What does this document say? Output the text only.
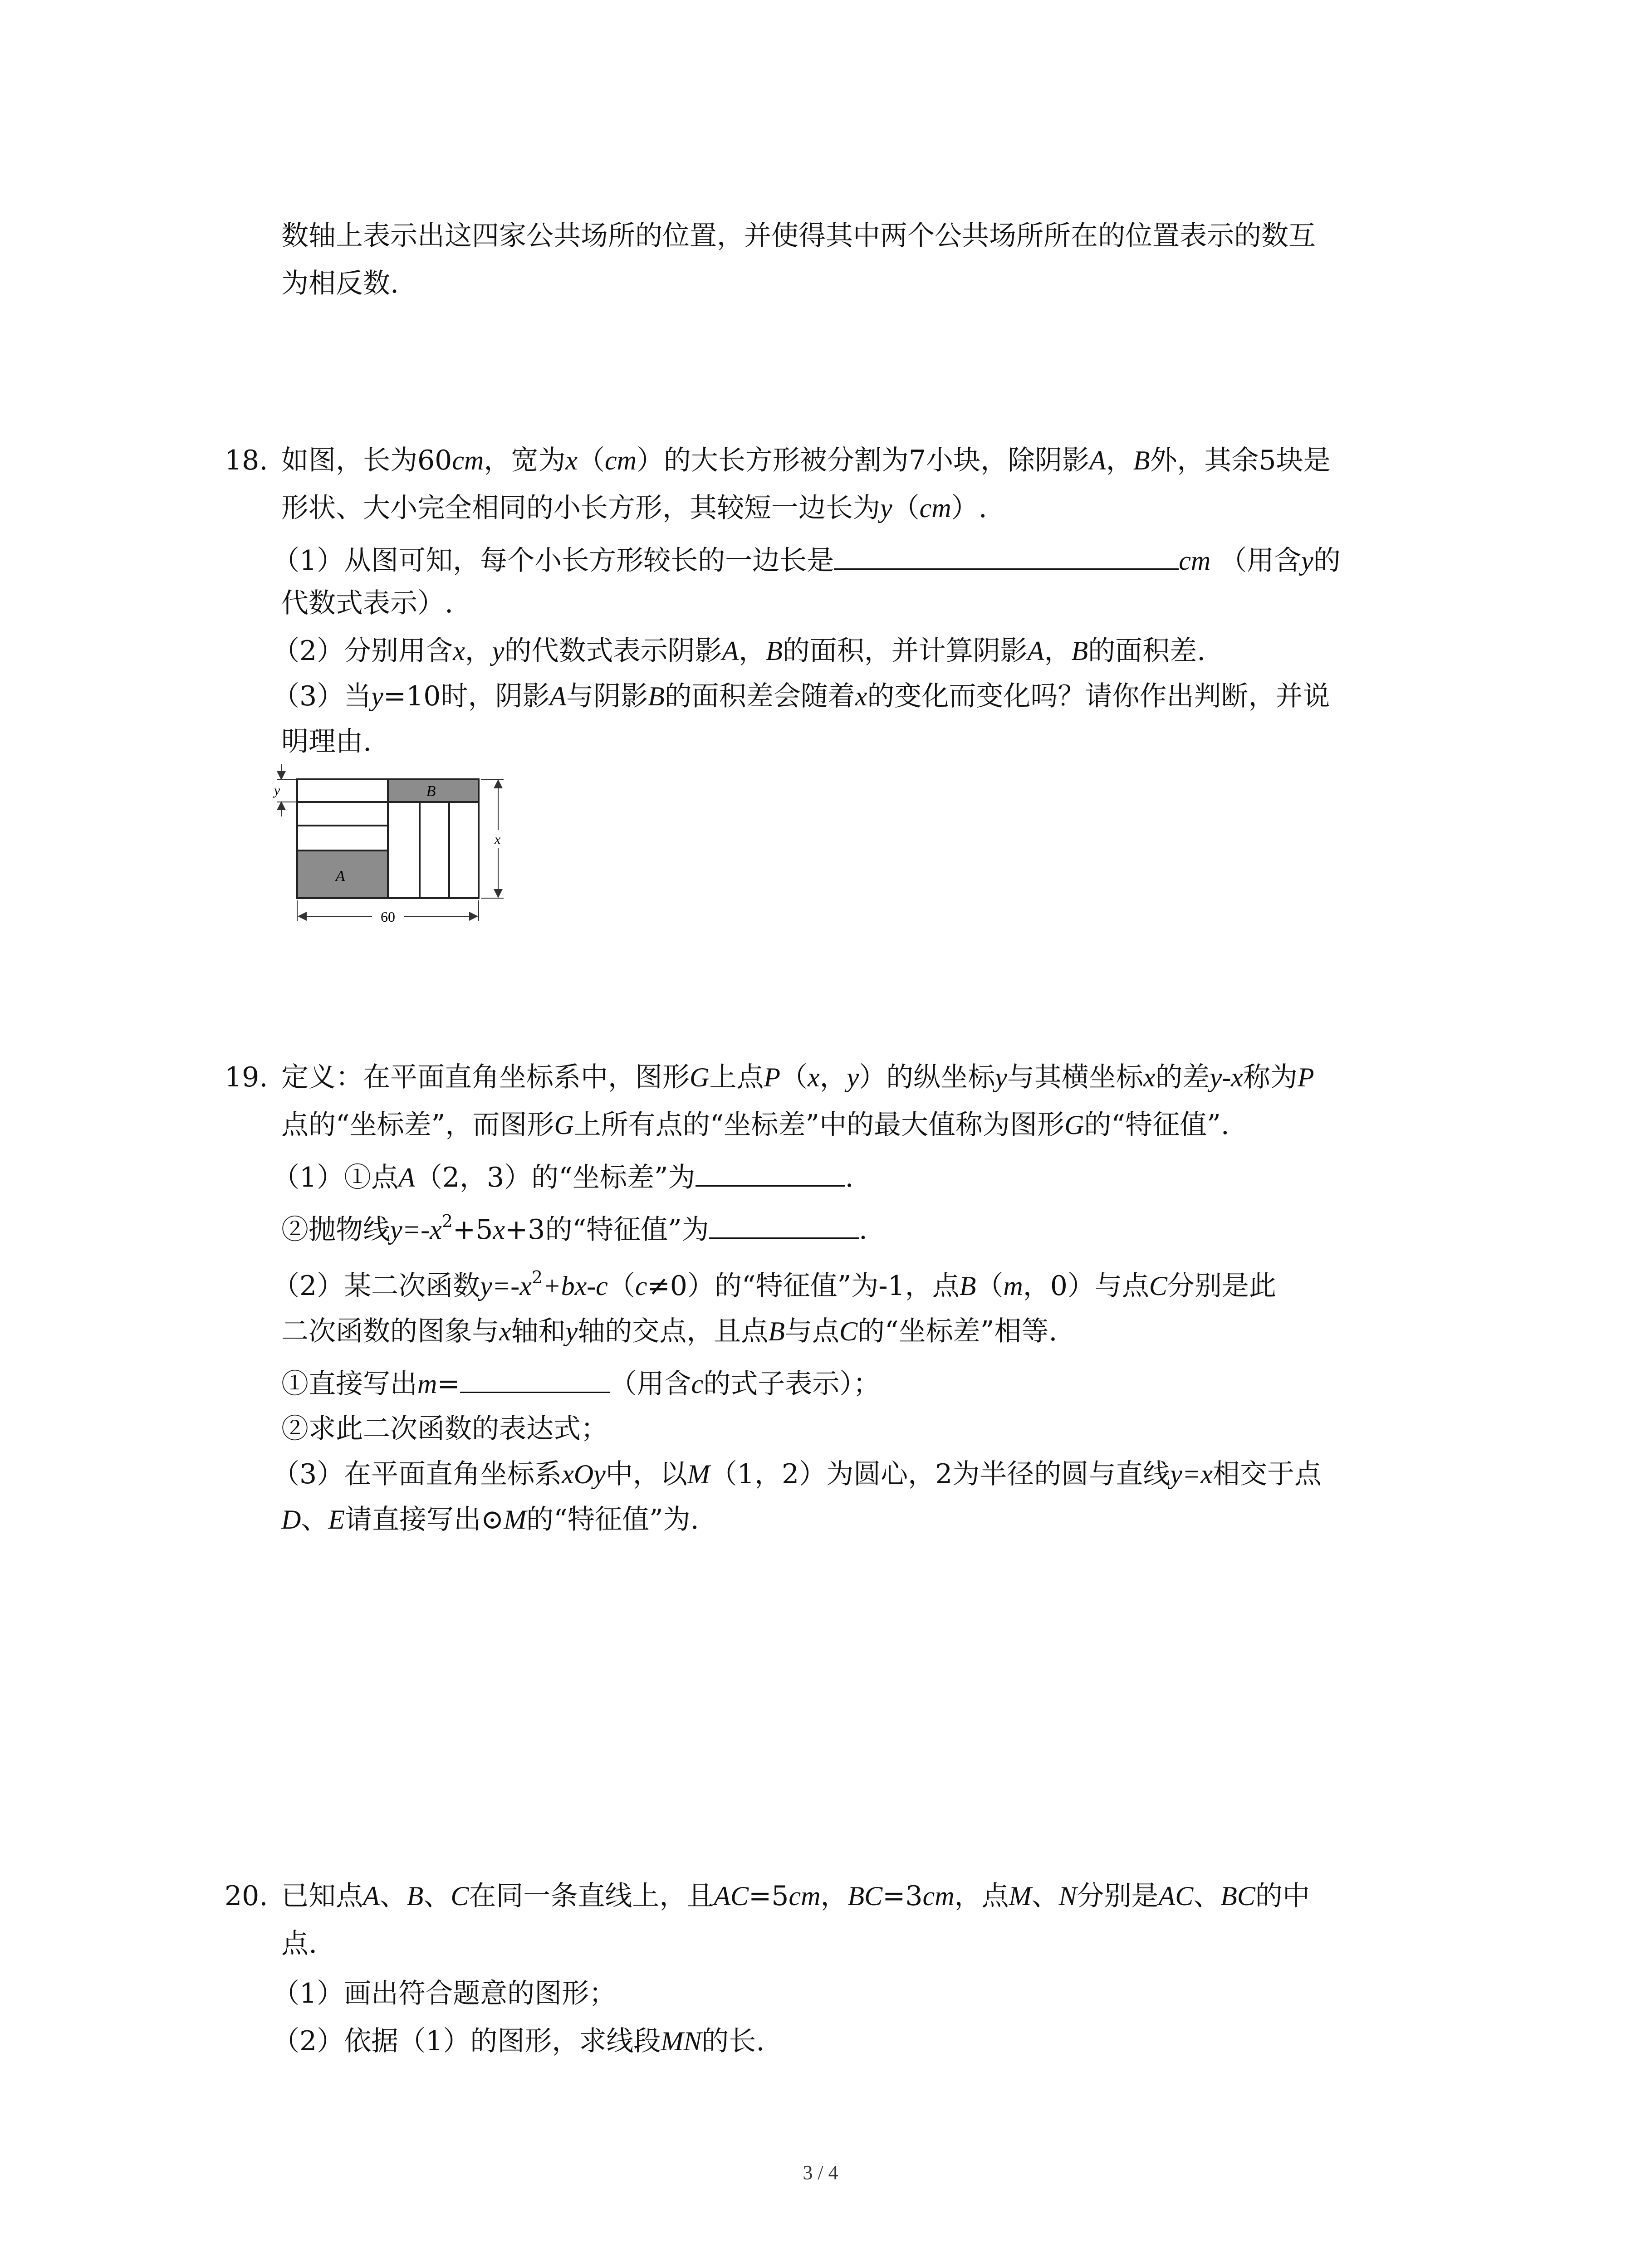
数轴上表示出这四家公共场所的位置，并使得其中两个公共场所所在的位置表示的数互
为相反数.
18. 如图，长为60cm，宽为x（cm）的大长方形被分割为7小块，除阴影A，B外，其余5块是
形状、大小完全相同的小长方形，其较短一边长为y（cm）.
（1）从图可知，每个小长方形较长的一边长是	cm （用含y的
代数式表示）.
（2）分别用含x，y的代数式表示阴影A，B的面积，并计算阴影A，B的面积差.
（3）当y=10时，阴影A与阴影B的面积差会随着x的变化而变化吗？请你作出判断，并说
明理由.
B
A
y
x
60
19. 定义：在平面直角坐标系中，图形G上点P（x，y）的纵坐标y与其横坐标x的差y-x称为P
点的“坐标差”，而图形G上所有点的“坐标差”中的最大值称为图形G的“特征值”.
（1）①点A（2，3）的“坐标差”为	.
②抛物线$y=-x^2+5x+3$的“特征值”为	.
（2）某二次函数$y=-x^2+bx-c(c\ne 0)$的“特征值”为-1，点B（m，0）与点C分别是此
二次函数的图象与x轴和y轴的交点，且点B与点C的“坐标差”相等.
①直接写出m=	（用含c的式子表示）；
②求此二次函数的表达式；
（3）在平面直角坐标系xOy中，以M（1，2）为圆心，2为半径的圆与直线y=x相交于点
D、E请直接写出⊙M的“特征值”为.
20. 已知点A、B、C在同一条直线上，且AC=5cm，BC=3cm，点M、N分别是AC、BC的中
点.
（1）画出符合题意的图形；
（2）依据（1）的图形，求线段MN的长.
3 / 4
